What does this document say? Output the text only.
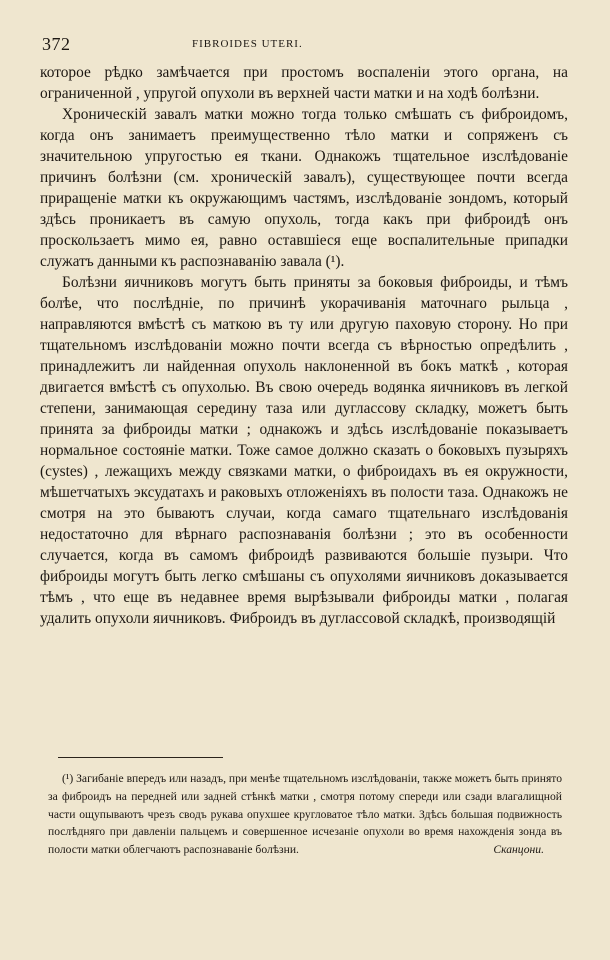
372	FIBROIDES UTERI.

которое рѣдко замѣчается при простомъ воспаленіи этого органа, на ограниченной , упругой опухоли въ верхней части матки и на ходѣ болѣзни.

Хроническій завалъ матки можно тогда только смѣшать съ фиброидомъ, когда онъ занимаетъ преимущественно тѣло матки и сопряженъ съ значительною упругостью ея ткани. Однакожъ тщательное изслѣдованіе причинъ болѣзни (см. хроническій завалъ), существующее почти всегда приращеніе матки къ окружающимъ частямъ, изслѣдованіе зондомъ, который здѣсь проникаетъ въ самую опухоль, тогда какъ при фиброидѣ онъ проскользаетъ мимо ея, равно оставшіеся еще воспалительные припадки служатъ данными къ распознаванію завала (¹).

Болѣзни яичниковъ могутъ быть приняты за боковыя фиброиды, и тѣмъ болѣе, что послѣдніе, по причинѣ укорачиванія маточнаго рыльца , направляются вмѣстѣ съ маткою въ ту или другую паховую сторону. Но при тщательномъ изслѣдованіи можно почти всегда съ вѣрностью опредѣлить , принадлежитъ ли найденная опухоль наклоненной въ бокъ маткѣ , которая двигается вмѣстѣ съ опухолью. Въ свою очередь водянка яичниковъ въ легкой степени, занимающая середину таза или дуглассову складку, можетъ быть принята за фиброиды матки ; однакожъ и здѣсь изслѣдованіе показываетъ нормальное состояніе матки. Тоже самое должно сказать о боковыхъ пузыряхъ (cystes) , лежащихъ между связками матки, о фиброидахъ въ ея окружности, мѣшетчатыхъ эксудатахъ и раковыхъ отложеніяхъ въ полости таза. Однакожъ не смотря на это бываютъ случаи, когда самаго тщательнаго изслѣдованія недостаточно для вѣрнаго распознаванія болѣзни ; это въ особенности случается, когда въ самомъ фиброидѣ развиваются большіе пузыри. Что фиброиды могутъ быть легко смѣшаны съ опухолями яичниковъ доказывается тѣмъ , что еще въ недавнее время вырѣзывали фиброиды матки , полагая удалить опухоли яичниковъ. Фиброидъ въ дугласcовой складкѣ, производящій

(¹) Загибаніе впередъ или назадъ, при менѣе тщательномъ изслѣдованіи, также можетъ быть принято за фиброидъ на передней или задней стѣнкѣ матки , смотря потому спереди или сзади влагалищной части ощупываютъ чрезъ сводъ рукава опухшее кругловатое тѣло матки. Здѣсь большая подвижность послѣдняго при давленіи пальцемъ и совершенное исчезаніе опухоли во время нахожденія зонда въ полости матки облегчаютъ распознаваніе болѣзни.	Сканцони.
